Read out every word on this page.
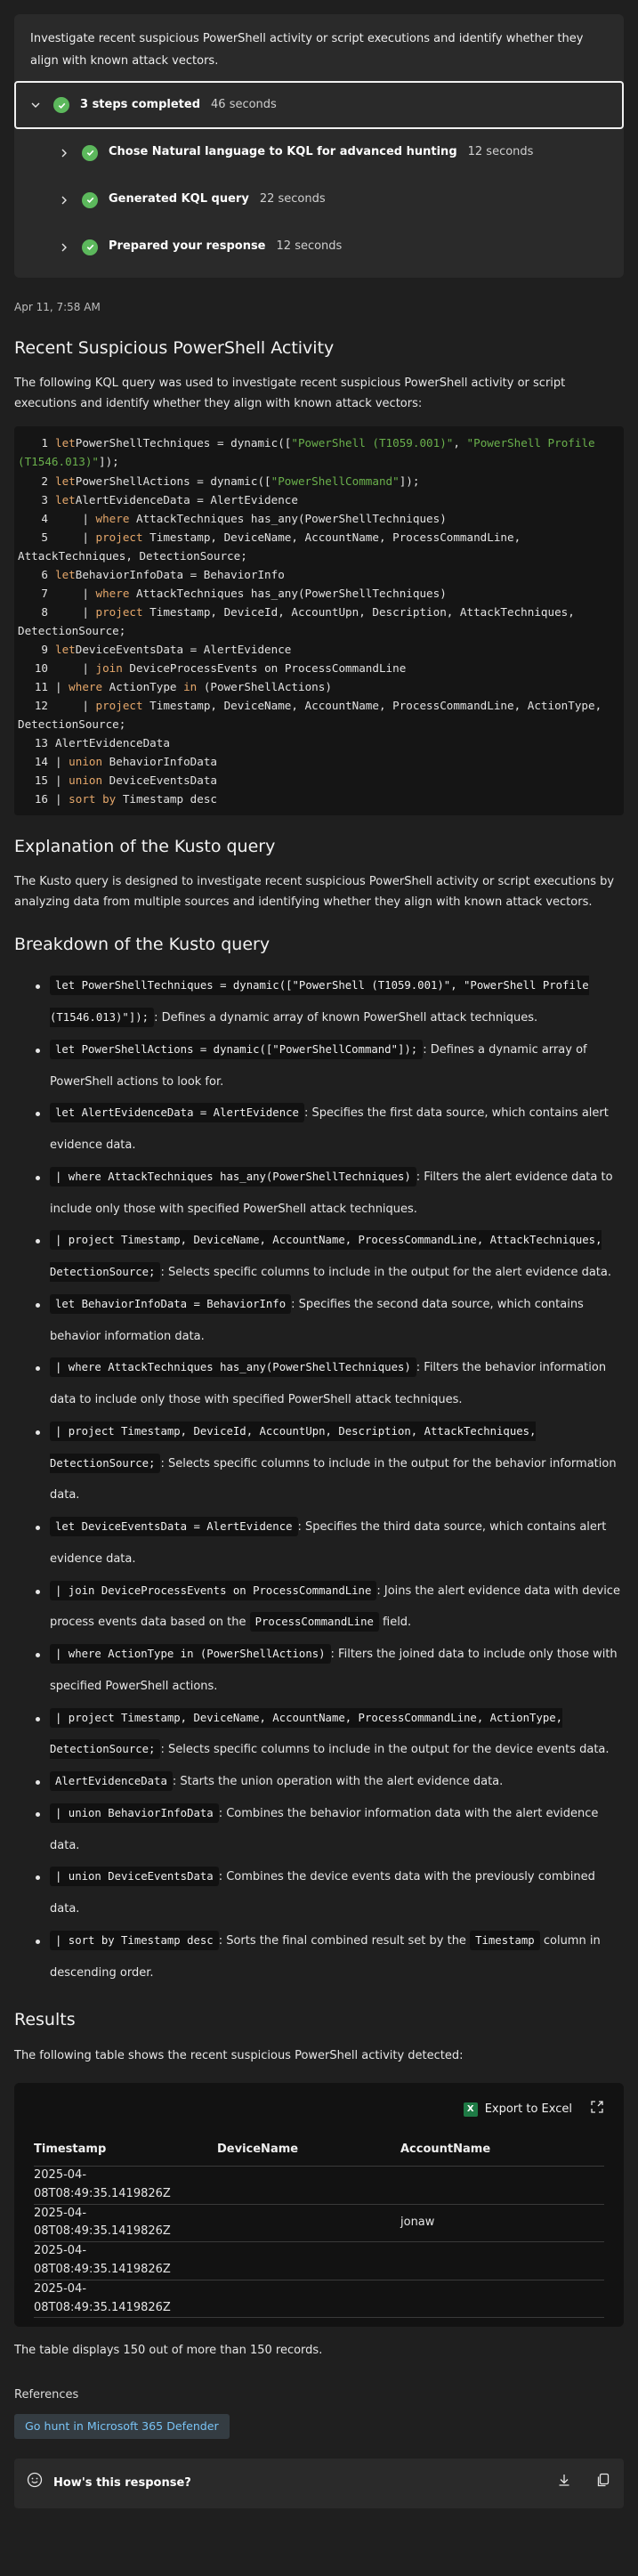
Investigate recent suspicious PowerShell activity or script executions and identify whether they align with known attack vectors.
3 steps completed 46 seconds
Chose Natural language to KQL for advanced hunting 12 seconds
Generated KQL query 22 seconds
Prepared your response 12 seconds
Apr 11, 7:58 AM
Recent Suspicious PowerShell Activity

The following KQL query was used to investigate recent suspicious PowerShell activity or script executions and identify whether they align with known attack vectors:

1 letPowerShellTechniques = dynamic(["PowerShell (T1059.001)", "PowerShell Profile (T1546.013)"]);
2 letPowerShellActions = dynamic(["PowerShellCommand"]);
3 letAlertEvidenceData = AlertEvidence
4    | where AttackTechniques has_any(PowerShellTechniques)
5    | project Timestamp, DeviceName, AccountName, ProcessCommandLine, AttackTechniques, DetectionSource;
6 letBehaviorInfoData = BehaviorInfo
7    | where AttackTechniques has_any(PowerShellTechniques)
8    | project Timestamp, DeviceId, AccountUpn, Description, AttackTechniques, DetectionSource;
9 letDeviceEventsData = AlertEvidence
10    | join DeviceProcessEvents on ProcessCommandLine
11 | where ActionType in (PowerShellActions)
12    | project Timestamp, DeviceName, AccountName, ProcessCommandLine, ActionType, DetectionSource;
13 AlertEvidenceData
14 | union BehaviorInfoData
15 | union DeviceEventsData
16 | sort by Timestamp desc
Explanation of the Kusto query

The Kusto query is designed to investigate recent suspicious PowerShell activity or script executions by analyzing data from multiple sources and identifying whether they align with known attack vectors.

Breakdown of the Kusto query
let PowerShellTechniques = dynamic(["PowerShell (T1059.001)", "PowerShell Profile (T1546.013)"]); : Defines a dynamic array of known PowerShell attack techniques.
let PowerShellActions = dynamic(["PowerShellCommand"]); : Defines a dynamic array of PowerShell actions to look for.
let AlertEvidenceData = AlertEvidence : Specifies the first data source, which contains alert evidence data.
| where AttackTechniques has_any(PowerShellTechniques) : Filters the alert evidence data to include only those with specified PowerShell attack techniques.
| project Timestamp, DeviceName, AccountName, ProcessCommandLine, AttackTechniques, DetectionSource; : Selects specific columns to include in the output for the alert evidence data.
let BehaviorInfoData = BehaviorInfo : Specifies the second data source, which contains behavior information data.
| where AttackTechniques has_any(PowerShellTechniques) : Filters the behavior information data to include only those with specified PowerShell attack techniques.
| project Timestamp, DeviceId, AccountUpn, Description, AttackTechniques, DetectionSource; : Selects specific columns to include in the output for the behavior information data.
let DeviceEventsData = AlertEvidence : Specifies the third data source, which contains alert evidence data.
| join DeviceProcessEvents on ProcessCommandLine : Joins the alert evidence data with device process events data based on the ProcessCommandLine field.
| where ActionType in (PowerShellActions) : Filters the joined data to include only those with specified PowerShell actions.
| project Timestamp, DeviceName, AccountName, ProcessCommandLine, ActionType, DetectionSource; : Selects specific columns to include in the output for the device events data.
AlertEvidenceData : Starts the union operation with the alert evidence data.
| union BehaviorInfoData : Combines the behavior information data with the alert evidence data.
| union DeviceEventsData : Combines the device events data with the previously combined data.
| sort by Timestamp desc : Sorts the final combined result set by the Timestamp column in descending order.
Results

The following table shows the recent suspicious PowerShell activity detected:

X Export to Excel
Timestamp	DeviceName	AccountName
2025-04-08T08:49:35.1419826Z		
2025-04-08T08:49:35.1419826Z		jonaw
2025-04-08T08:49:35.1419826Z		
2025-04-08T08:49:35.1419826Z		

The table displays 150 out of more than 150 records.

References
Go hunt in Microsoft 365 Defender
How's this response?
